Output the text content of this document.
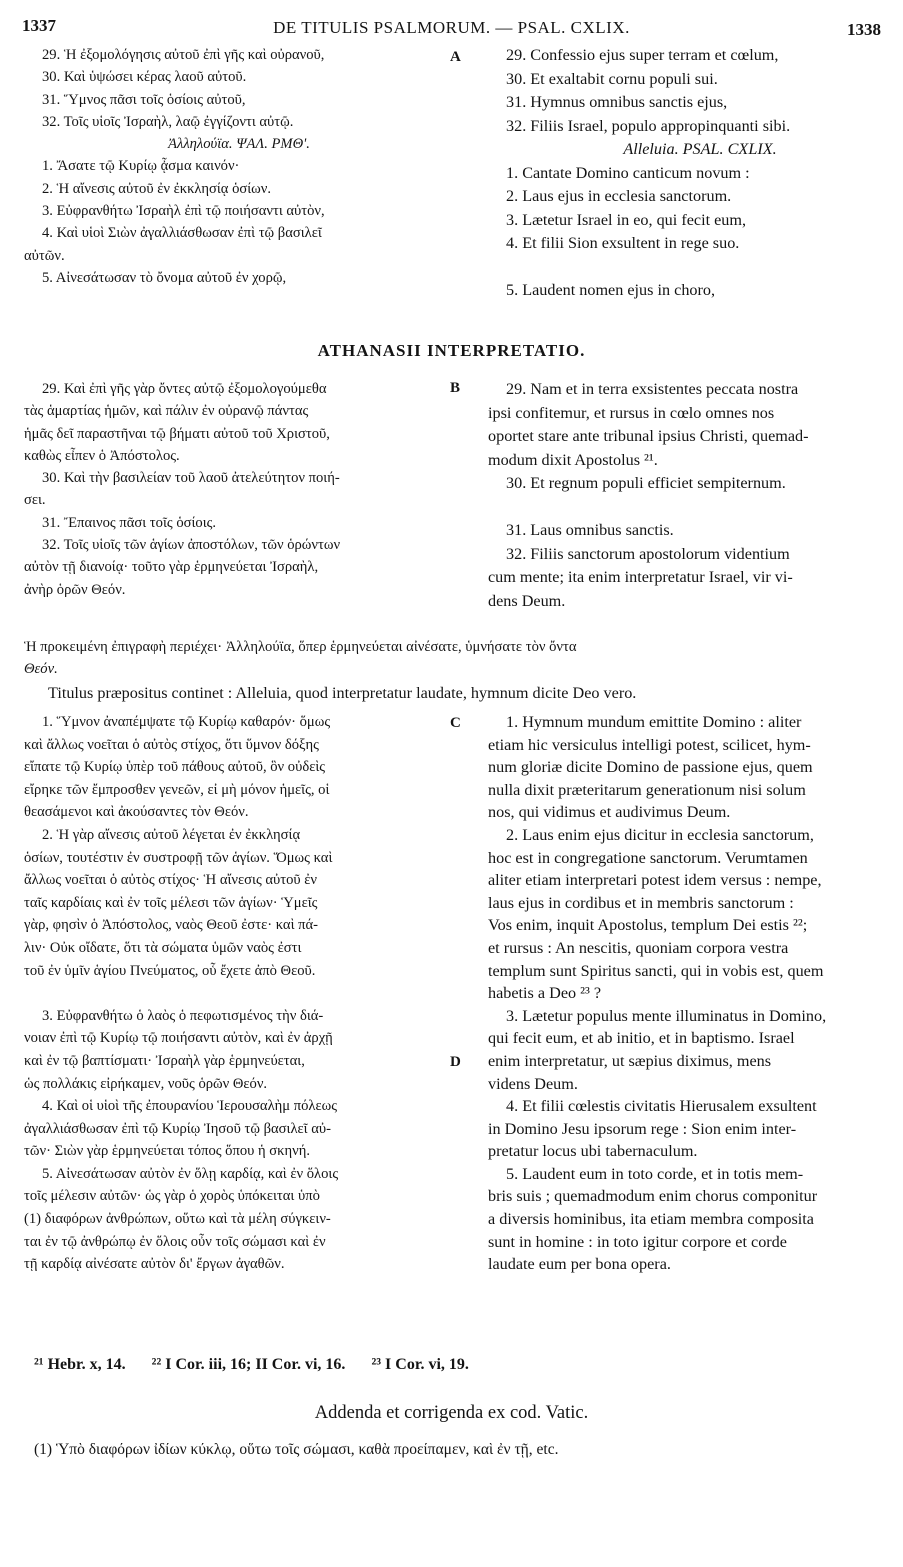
1337	DE TITULIS PSALMORUM. — PSAL. CXLIX.	1338
29. Ἡ ἐξομολόγησις αὐτοῦ ἐπὶ γῆς καὶ οὐρανοῦ,
30. Καὶ ὑψώσει κέρας λαοῦ αὐτοῦ.
31. Ὕμνος πᾶσι τοῖς ὁσίοις αὐτοῦ,
32. Τοῖς υἱοῖς Ἰσραὴλ, λαῷ ἐγγίζοντι αὐτῷ.
Ἀλληλούϊα. ΨΑΛ. ΡΜΘ'.
1. Ἄσατε τῷ Κυρίῳ ᾆσμα καινόν·
2. Ἡ αἴνεσις αὐτοῦ ἐν ἐκκλησίᾳ ὁσίων.
3. Εὐφρανθήτω Ἰσραὴλ ἐπὶ τῷ ποιήσαντι αὐτὸν,
4. Καὶ υἱοὶ Σιὼν ἀγαλλιάσθωσαν ἐπὶ τῷ βασιλεῖ
αὐτῶν.
5. Αἰνεσάτωσαν τὸ ὄνομα αὐτοῦ ἐν χορῷ,
29. Confessio ejus super terram et cœlum,
30. Et exaltabit cornu populi sui.
31. Hymnus omnibus sanctis ejus,
32. Filiis Israel, populo appropinquanti sibi.
Alleluia. PSAL. CXLIX.
1. Cantate Domino canticum novum :
2. Laus ejus in ecclesia sanctorum.
3. Lætetur Israel in eo, qui fecit eum,
4. Et filii Sion exsultent in rege suo.
5. Laudent nomen ejus in choro,
A
ATHANASII INTERPRETATIO.
29. Καὶ ἐπὶ γῆς γὰρ ὄντες αὐτῷ ἐξομολογούμεθα
τὰς ἁμαρτίας ἡμῶν, καὶ πάλιν ἐν οὐρανῷ πάντας
ἡμᾶς δεῖ παραστῆναι τῷ βήματι αὐτοῦ τοῦ Χριστοῦ,
καθὼς εἶπεν ὁ Ἀπόστολος.
30. Καὶ τὴν βασιλείαν τοῦ λαοῦ ἀτελεύτητον ποιή-
σει.
31. Ἔπαινος πᾶσι τοῖς ὁσίοις.
32. Τοῖς υἱοῖς τῶν ἁγίων ἀποστόλων, τῶν ὁρώντων
αὐτὸν τῇ διανοίᾳ· τοῦτο γὰρ ἑρμηνεύεται Ἰσραὴλ,
ἀνὴρ ὁρῶν Θεόν.
29. Nam et in terra exsistentes peccata nostra
ipsi confitemur, et rursus in cœlo omnes nos
oportet stare ante tribunal ipsius Christi, quemad-
modum dixit Apostolus ²¹.
30. Et regnum populi efficiet sempiternum.
31. Laus omnibus sanctis.
32. Filiis sanctorum apostolorum videntium
cum mente; ita enim interpretatur Israel, vir vi-
dens Deum.
B
Ἡ προκειμένη ἐπιγραφὴ περιέχει· Ἀλληλούϊα, ὅπερ ἑρμηνεύεται αἰνέσατε, ὑμνήσατε τὸν ὄντα
Θεόν.
Titulus præpositus continet : Alleluia, quod interpretatur laudate, hymnum dicite Deo vero.
1. Ὕμνον ἀναπέμψατε τῷ Κυρίῳ καθαρόν· ὅμως
καὶ ἄλλως νοεῖται ὁ αὐτὸς στίχος, ὅτι ὕμνον δόξης
εἴπατε τῷ Κυρίῳ ὑπὲρ τοῦ πάθους αὐτοῦ, ὃν οὐδεὶς
εἴρηκε τῶν ἔμπροσθεν γενεῶν, εἰ μὴ μόνον ἡμεῖς, οἱ
θεασάμενοι καὶ ἀκούσαντες τὸν Θεόν.
2. Ἡ γὰρ αἴνεσις αὐτοῦ λέγεται ἐν ἐκκλησίᾳ
ὁσίων, τουτέστιν ἐν συστροφῇ τῶν ἁγίων. Ὅμως καὶ
ἄλλως νοεῖται ὁ αὐτὸς στίχος· Ἡ αἴνεσις αὐτοῦ ἐν
ταῖς καρδίαις καὶ ἐν τοῖς μέλεσι τῶν ἁγίων· Ὑμεῖς
γὰρ, φησὶν ὁ Ἀπόστολος, ναὸς Θεοῦ ἐστε· καὶ πά-
λιν· Οὐκ οἴδατε, ὅτι τὰ σώματα ὑμῶν ναὸς ἐστι
τοῦ ἐν ὑμῖν ἁγίου Πνεύματος, οὗ ἔχετε ἀπὸ Θεοῦ.
3. Εὐφρανθήτω ὁ λαὸς ὁ πεφωτισμένος τὴν διά-
νοιαν ἐπὶ τῷ Κυρίῳ τῷ ποιήσαντι αὐτὸν, καὶ ἐν ἀρχῇ
καὶ ἐν τῷ βαπτίσματι· Ἰσραὴλ γὰρ ἑρμηνεύεται,
ὡς πολλάκις εἰρήκαμεν, νοῦς ὁρῶν Θεόν.
4. Καὶ οἱ υἱοὶ τῆς ἐπουρανίου Ἱερουσαλὴμ πόλεως
ἀγαλλιάσθωσαν ἐπὶ τῷ Κυρίῳ Ἰησοῦ τῷ βασιλεῖ αὐ-
τῶν· Σιὼν γὰρ ἑρμηνεύεται τόπος ὅπου ἡ σκηνή.
5. Αἰνεσάτωσαν αὐτὸν ἐν ὅλῃ καρδίᾳ, καὶ ἐν ὅλοις
τοῖς μέλεσιν αὐτῶν· ὡς γὰρ ὁ χορὸς ὑπόκειται ὑπὸ
(1) διαφόρων ἀνθρώπων, οὕτω καὶ τὰ μέλη σύγκειν-
ται ἐν τῷ ἀνθρώπῳ ἐν ὅλοις οὖν τοῖς σώμασι καὶ ἐν
τῇ καρδίᾳ αἰνέσατε αὐτὸν δι' ἔργων ἀγαθῶν.
1. Hymnum mundum emittite Domino : aliter
etiam hic versiculus intelligi potest, scilicet, hym-
num gloriæ dicite Domino de passione ejus, quem
nulla dixit præteritarum generationum nisi solum
nos, qui vidimus et audivimus Deum.
2. Laus enim ejus dicitur in ecclesia sanctorum,
hoc est in congregatione sanctorum. Verumtamen
aliter etiam interpretari potest idem versus : nempe,
laus ejus in cordibus et in membris sanctorum :
Vos enim, inquit Apostolus, templum Dei estis ²²;
et rursus : An nescitis, quoniam corpora vestra
templum sunt Spiritus sancti, qui in vobis est, quem
habetis a Deo ²³ ?
3. Lætetur populus mente illuminatus in Domino,
qui fecit eum, et ab initio, et in baptismo. Israel
enim interpretatur, ut sæpius diximus, mens
videns Deum.
4. Et filii cœlestis civitatis Hierusalem exsultent
in Domino Jesu ipsorum rege : Sion enim inter-
pretatur locus ubi tabernaculum.
5. Laudent eum in toto corde, et in totis mem-
bris suis ; quemadmodum enim chorus componitur
a diversis hominibus, ita etiam membra composita
sunt in homine : in toto igitur corpore et corde
laudate eum per bona opera.
C
D
²¹ Hebr. x, 14. ²² I Cor. iii, 16; II Cor. vi, 16. ²³ I Cor. vi, 19.
Addenda et corrigenda ex cod. Vatic.
(1) Ὑπὸ διαφόρων ἰδίων κύκλῳ, οὕτω τοῖς σώμασι, καθὰ προείπαμεν, καὶ ἐν τῇ, etc.
